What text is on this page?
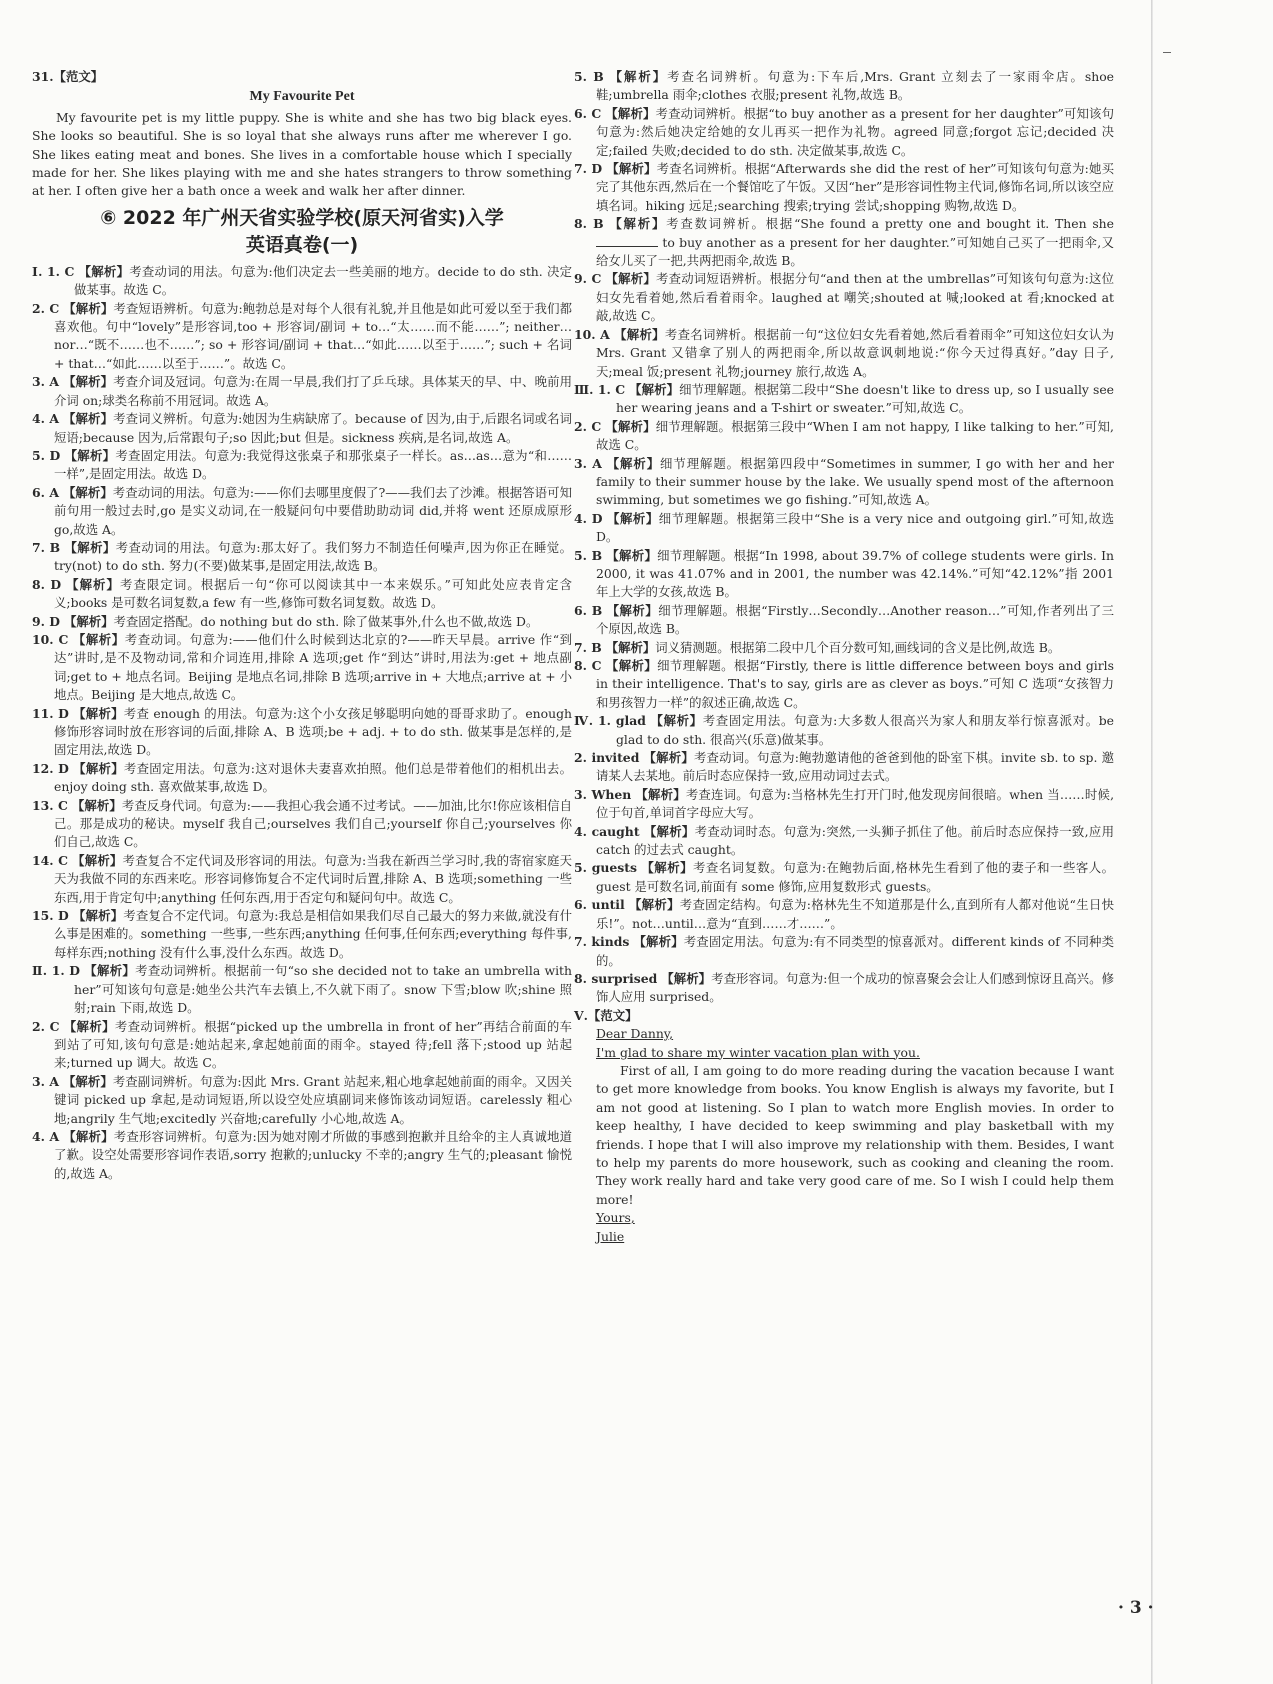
31.【范文】

My Favourite Pet

My favourite pet is my little puppy. She is white and she has two big black eyes. She looks so beautiful. She is so loyal that she always runs after me wherever I go. She likes eating meat and bones. She lives in a comfortable house which I specially made for her. She likes playing with me and she hates strangers to throw something at her. I often give her a bath once a week and walk her after dinner.

⑥ 2022 年广州天省实验学校(原天河省实)入学
英语真卷(一)

Ⅰ. 1. C 【解析】考查动词的用法。句意为:他们决定去一些美丽的地方。decide to do sth. 决定做某事。故选 C。

2. C 【解析】考查短语辨析。句意为:鲍勃总是对每个人很有礼貌,并且他是如此可爱以至于我们都喜欢他。句中“lovely”是形容词,too + 形容词/副词 + to…“太……而不能……”; neither…nor…“既不……也不……”; so + 形容词/副词 + that…“如此……以至于……”; such + 名词 + that…“如此……以至于……”。故选 C。

3. A 【解析】考查介词及冠词。句意为:在周一早晨,我们打了乒乓球。具体某天的早、中、晚前用介词 on;球类名称前不用冠词。故选 A。

4. A 【解析】考查词义辨析。句意为:她因为生病缺席了。because of 因为,由于,后跟名词或名词短语;because 因为,后常跟句子;so 因此;but 但是。sickness 疾病,是名词,故选 A。

5. D 【解析】考查固定用法。句意为:我觉得这张桌子和那张桌子一样长。as…as…意为“和……一样”,是固定用法。故选 D。

6. A 【解析】考查动词的用法。句意为:——你们去哪里度假了?——我们去了沙滩。根据答语可知前句用一般过去时,go 是实义动词,在一般疑问句中要借助助动词 did,并将 went 还原成原形 go,故选 A。

7. B 【解析】考查动词的用法。句意为:那太好了。我们努力不制造任何噪声,因为你正在睡觉。try(not) to do sth. 努力(不要)做某事,是固定用法,故选 B。

8. D 【解析】考查限定词。根据后一句“你可以阅读其中一本来娱乐。”可知此处应表肯定含义;books 是可数名词复数,a few 有一些,修饰可数名词复数。故选 D。

9. D 【解析】考查固定搭配。do nothing but do sth. 除了做某事外,什么也不做,故选 D。

10. C 【解析】考查动词。句意为:——他们什么时候到达北京的?——昨天早晨。arrive 作“到达”讲时,是不及物动词,常和介词连用,排除 A 选项;get 作“到达”讲时,用法为:get + 地点副词;get to + 地点名词。Beijing 是地点名词,排除 B 选项;arrive in + 大地点;arrive at + 小地点。Beijing 是大地点,故选 C。

11. D 【解析】考查 enough 的用法。句意为:这个小女孩足够聪明向她的哥哥求助了。enough 修饰形容词时放在形容词的后面,排除 A、B 选项;be + adj. + to do sth. 做某事是怎样的,是固定用法,故选 D。

12. D 【解析】考查固定用法。句意为:这对退休夫妻喜欢拍照。他们总是带着他们的相机出去。enjoy doing sth. 喜欢做某事,故选 D。

13. C 【解析】考查反身代词。句意为:——我担心我会通不过考试。——加油,比尔!你应该相信自己。那是成功的秘诀。myself 我自己;ourselves 我们自己;yourself 你自己;yourselves 你们自己,故选 C。

14. C 【解析】考查复合不定代词及形容词的用法。句意为:当我在新西兰学习时,我的寄宿家庭天天为我做不同的东西来吃。形容词修饰复合不定代词时后置,排除 A、B 选项;something 一些东西,用于肯定句中;anything 任何东西,用于否定句和疑问句中。故选 C。

15. D 【解析】考查复合不定代词。句意为:我总是相信如果我们尽自己最大的努力来做,就没有什么事是困难的。something 一些事,一些东西;anything 任何事,任何东西;everything 每件事,每样东西;nothing 没有什么事,没什么东西。故选 D。

Ⅱ. 1. D 【解析】考查动词辨析。根据前一句“so she decided not to take an umbrella with her”可知该句句意是:她坐公共汽车去镇上,不久就下雨了。snow 下雪;blow 吹;shine 照射;rain 下雨,故选 D。

2. C 【解析】考查动词辨析。根据“picked up the umbrella in front of her”再结合前面的车到站了可知,该句句意是:她站起来,拿起她前面的雨伞。stayed 待;fell 落下;stood up 站起来;turned up 调大。故选 C。

3. A 【解析】考查副词辨析。句意为:因此 Mrs. Grant 站起来,粗心地拿起她前面的雨伞。又因关键词 picked up 拿起,是动词短语,所以设空处应填副词来修饰该动词短语。carelessly 粗心地;angrily 生气地;excitedly 兴奋地;carefully 小心地,故选 A。

4. A 【解析】考查形容词辨析。句意为:因为她对刚才所做的事感到抱歉并且给伞的主人真诚地道了歉。设空处需要形容词作表语,sorry 抱歉的;unlucky 不幸的;angry 生气的;pleasant 愉悦的,故选 A。

5. B 【解析】考查名词辨析。句意为:下车后,Mrs. Grant 立刻去了一家雨伞店。shoe 鞋;umbrella 雨伞;clothes 衣服;present 礼物,故选 B。

6. C 【解析】考查动词辨析。根据“to buy another as a present for her daughter”可知该句句意为:然后她决定给她的女儿再买一把作为礼物。agreed 同意;forgot 忘记;decided 决定;failed 失败;decided to do sth. 决定做某事,故选 C。

7. D 【解析】考查名词辨析。根据“Afterwards she did the rest of her”可知该句句意为:她买完了其他东西,然后在一个餐馆吃了午饭。又因“her”是形容词性物主代词,修饰名词,所以该空应填名词。hiking 远足;searching 搜索;trying 尝试;shopping 购物,故选 D。

8. B 【解析】考查数词辨析。根据“She found a pretty one and bought it. Then she  to buy another as a present for her daughter.”可知她自己买了一把雨伞,又给女儿买了一把,共两把雨伞,故选 B。

9. C 【解析】考查动词短语辨析。根据分句“and then at the umbrellas”可知该句句意为:这位妇女先看着她,然后看着雨伞。laughed at 嘲笑;shouted at 喊;looked at 看;knocked at 敲,故选 C。

10. A 【解析】考查名词辨析。根据前一句“这位妇女先看着她,然后看着雨伞”可知这位妇女认为 Mrs. Grant 又错拿了别人的两把雨伞,所以故意讽刺地说:“你今天过得真好。”day 日子,天;meal 饭;present 礼物;journey 旅行,故选 A。

Ⅲ. 1. C 【解析】细节理解题。根据第二段中“She doesn't like to dress up, so I usually see her wearing jeans and a T-shirt or sweater.”可知,故选 C。

2. C 【解析】细节理解题。根据第三段中“When I am not happy, I like talking to her.”可知,故选 C。

3. A 【解析】细节理解题。根据第四段中“Sometimes in summer, I go with her and her family to their summer house by the lake. We usually spend most of the afternoon swimming, but sometimes we go fishing.”可知,故选 A。

4. D 【解析】细节理解题。根据第三段中“She is a very nice and outgoing girl.”可知,故选 D。

5. B 【解析】细节理解题。根据“In 1998, about 39.7% of college students were girls. In 2000, it was 41.07% and in 2001, the number was 42.14%.”可知“42.12%”指 2001 年上大学的女孩,故选 B。

6. B 【解析】细节理解题。根据“Firstly…Secondly…Another reason…”可知,作者列出了三个原因,故选 B。

7. B 【解析】词义猜测题。根据第二段中几个百分数可知,画线词的含义是比例,故选 B。

8. C 【解析】细节理解题。根据“Firstly, there is little difference between boys and girls in their intelligence. That's to say, girls are as clever as boys.”可知 C 选项“女孩智力和男孩智力一样”的叙述正确,故选 C。

Ⅳ. 1. glad 【解析】考查固定用法。句意为:大多数人很高兴为家人和朋友举行惊喜派对。be glad to do sth. 很高兴(乐意)做某事。

2. invited 【解析】考查动词。句意为:鲍勃邀请他的爸爸到他的卧室下棋。invite sb. to sp. 邀请某人去某地。前后时态应保持一致,应用动词过去式。

3. When 【解析】考查连词。句意为:当格林先生打开门时,他发现房间很暗。when 当……时候,位于句首,单词首字母应大写。

4. caught 【解析】考查动词时态。句意为:突然,一头狮子抓住了他。前后时态应保持一致,应用 catch 的过去式 caught。

5. guests 【解析】考查名词复数。句意为:在鲍勃后面,格林先生看到了他的妻子和一些客人。guest 是可数名词,前面有 some 修饰,应用复数形式 guests。

6. until 【解析】考查固定结构。句意为:格林先生不知道那是什么,直到所有人都对他说“生日快乐!”。not…until…意为“直到……才……”。

7. kinds 【解析】考查固定用法。句意为:有不同类型的惊喜派对。different kinds of 不同种类的。

8. surprised 【解析】考查形容词。句意为:但一个成功的惊喜聚会会让人们感到惊讶且高兴。修饰人应用 surprised。

Ⅴ.【范文】

Dear Danny,

I'm glad to share my winter vacation plan with you.

First of all, I am going to do more reading during the vacation because I want to get more knowledge from books. You know English is always my favorite, but I am not good at listening. So I plan to watch more English movies. In order to keep healthy, I have decided to keep swimming and play basketball with my friends. I hope that I will also improve my relationship with them. Besides, I want to help my parents do more housework, such as cooking and cleaning the room. They work really hard and take very good care of me. So I wish I could help them more!

Yours,

Julie

· 3 ·
